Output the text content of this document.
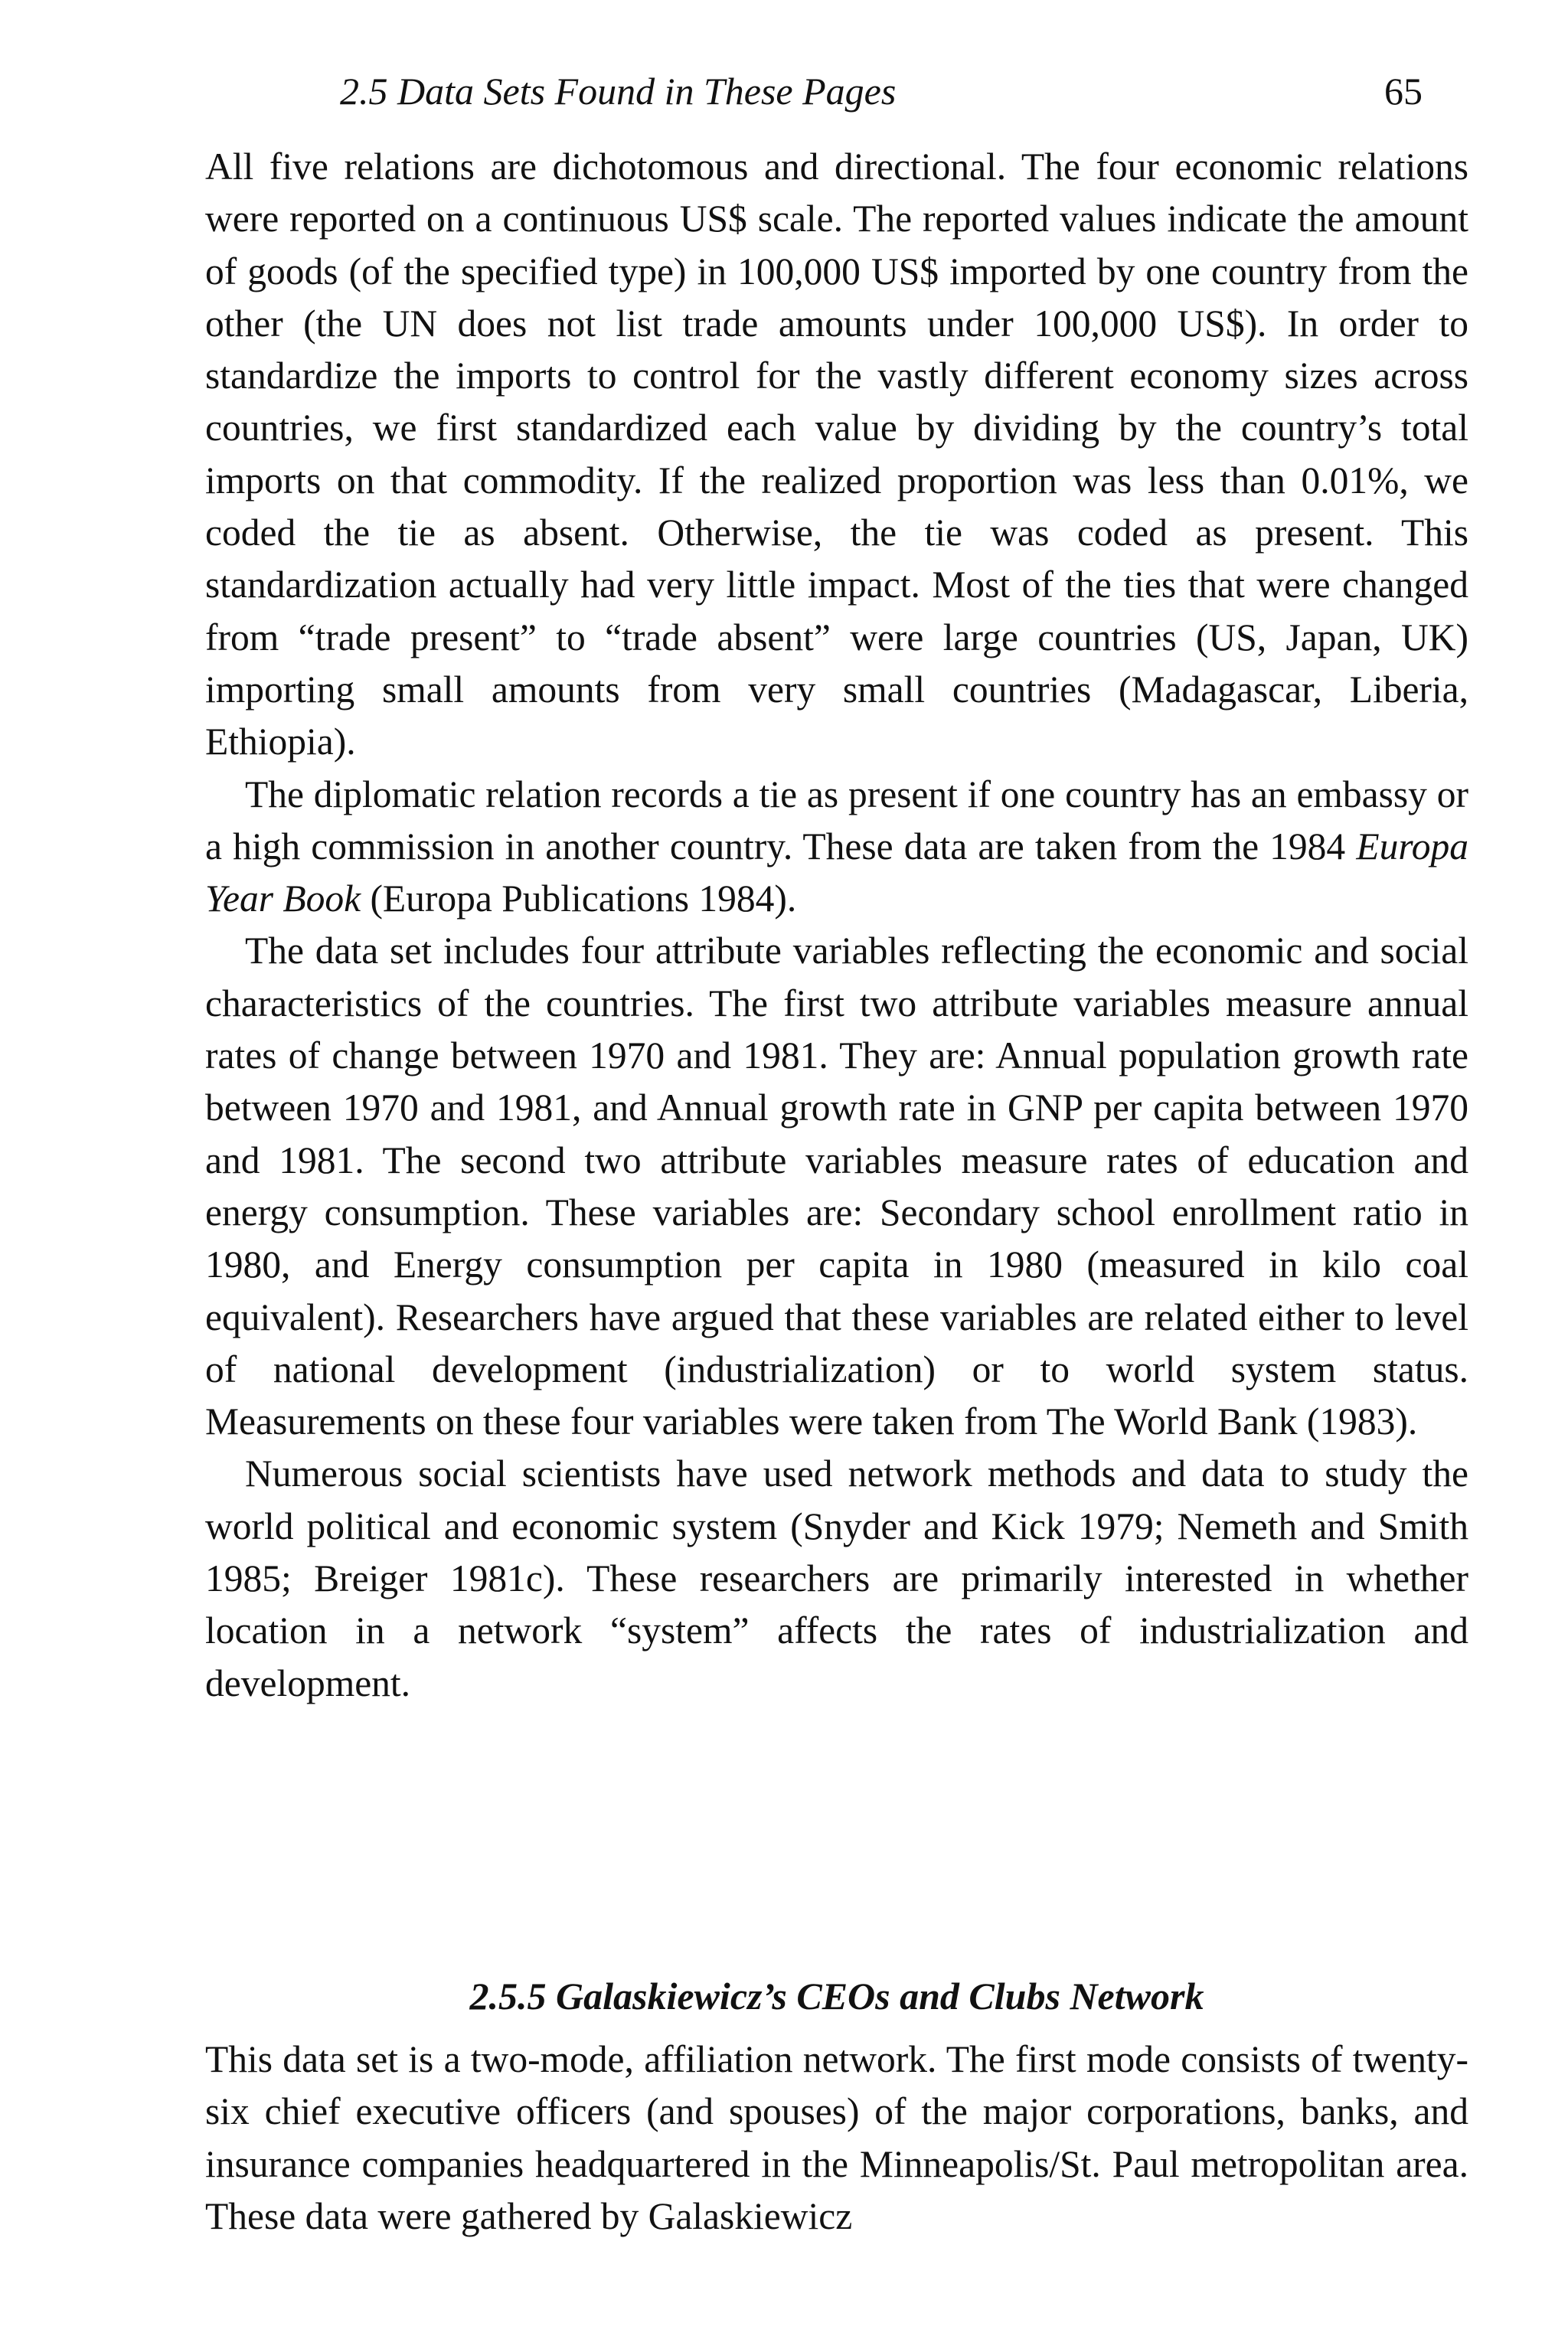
2.5 Data Sets Found in These Pages	65

All five relations are dichotomous and directional. The four economic relations were reported on a continuous US$ scale. The reported values indicate the amount of goods (of the specified type) in 100,000 US$ imported by one country from the other (the UN does not list trade amounts under 100,000 US$). In order to standardize the imports to control for the vastly different economy sizes across countries, we first standardized each value by dividing by the country’s total imports on that commodity. If the realized proportion was less than 0.01%, we coded the tie as absent. Otherwise, the tie was coded as present. This standardization actually had very little impact. Most of the ties that were changed from “trade present” to “trade absent” were large countries (US, Japan, UK) importing small amounts from very small countries (Madagascar, Liberia, Ethiopia).

The diplomatic relation records a tie as present if one country has an embassy or a high commission in another country. These data are taken from the 1984 Europa Year Book (Europa Publications 1984).

The data set includes four attribute variables reflecting the economic and social characteristics of the countries. The first two attribute variables measure annual rates of change between 1970 and 1981. They are: Annual population growth rate between 1970 and 1981, and Annual growth rate in GNP per capita between 1970 and 1981. The second two attribute variables measure rates of education and energy consumption. These variables are: Secondary school enrollment ratio in 1980, and Energy consumption per capita in 1980 (measured in kilo coal equivalent). Researchers have argued that these variables are related either to level of national development (industrialization) or to world system status. Measurements on these four variables were taken from The World Bank (1983).

Numerous social scientists have used network methods and data to study the world political and economic system (Snyder and Kick 1979; Nemeth and Smith 1985; Breiger 1981c). These researchers are primarily interested in whether location in a network “system” affects the rates of industrialization and development.

2.5.5 Galaskiewicz’s CEOs and Clubs Network

This data set is a two-mode, affiliation network. The first mode consists of twenty-six chief executive officers (and spouses) of the major corporations, banks, and insurance companies headquartered in the Minneapolis/St. Paul metropolitan area. These data were gathered by Galaskiewicz
